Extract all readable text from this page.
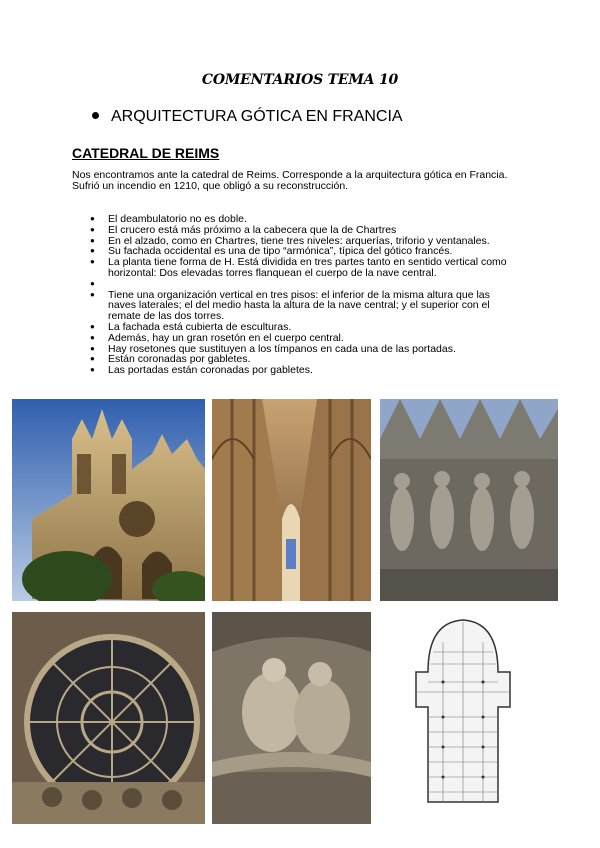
COMENTARIOS TEMA 10
ARQUITECTURA GÓTICA EN FRANCIA
CATEDRAL DE REIMS

Nos encontramos ante la catedral de Reims. Corresponde a la arquitectura gótica en Francia.

Sufrió un incendio en 1210, que obligó a su reconstrucción.

● El deambulatorio no es doble.
● El crucero está más próximo a la cabecera que la de Chartres
● En el alzado, como en Chartres, tiene tres niveles: arquerías, triforio y ventanales.
● Su fachada occidental es una de tipo “armónica”, típica del gótico francés.
● La planta tiene forma de H. Está dividida en tres partes tanto en sentido vertical como horizontal: Dos elevadas torres flanquean el cuerpo de la nave central.
●
● Tiene una organización vertical en tres pisos: el inferior de la misma altura que las naves laterales; el del medio hasta la altura de la nave central; y el superior con el remate de las dos torres.
● La fachada está cubierta de esculturas.
● Además, hay un gran rosetón en el cuerpo central.
● Hay rosetones que sustituyen a los tímpanos en cada una de las portadas.
● Están coronadas por gabletes.
● Las portadas están coronadas por gabletes.
